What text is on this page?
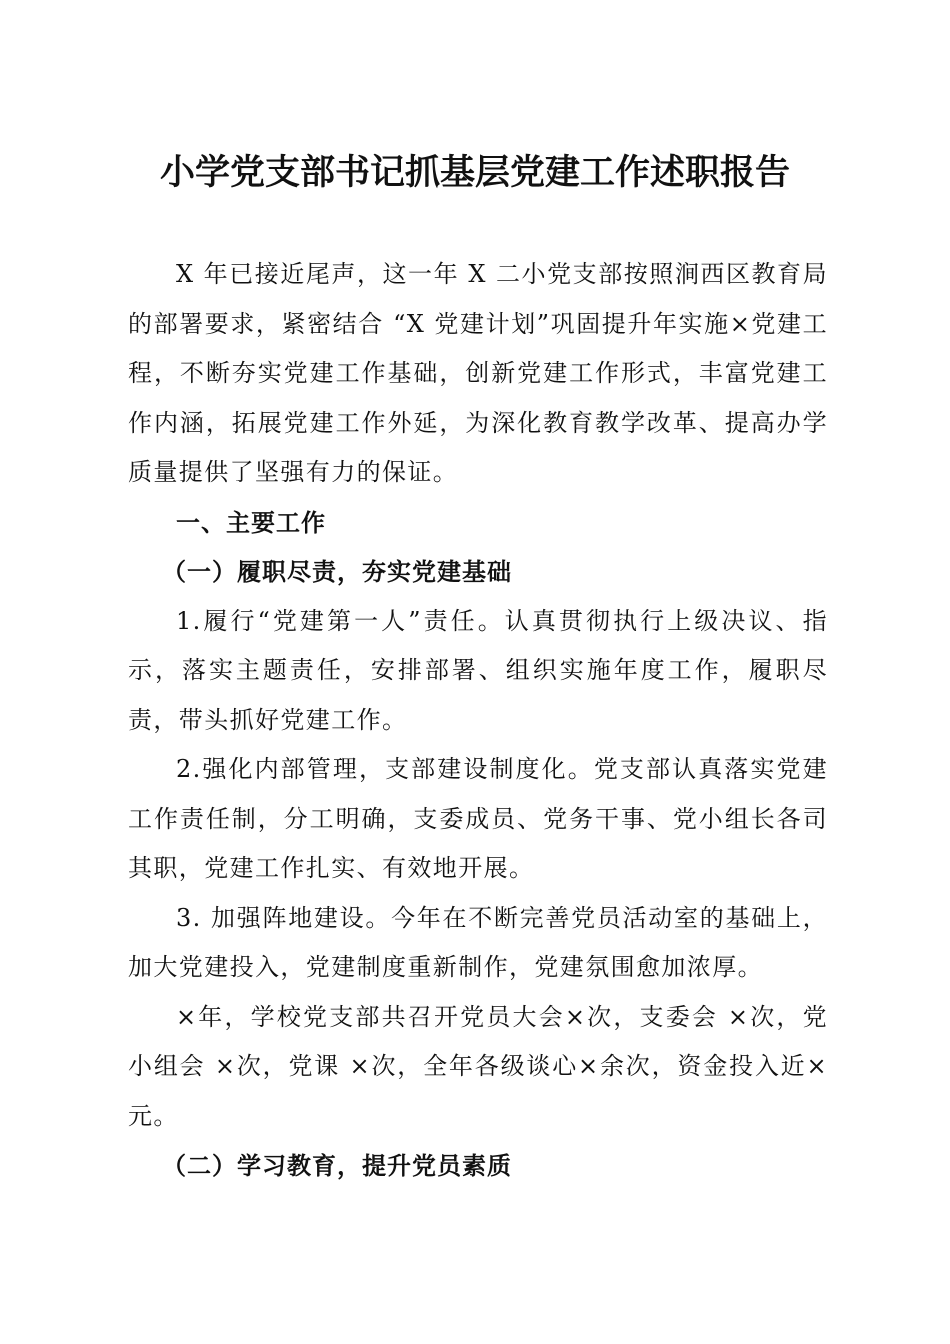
小学党支部书记抓基层党建工作述职报告

X 年已接近尾声，这一年 X 二小党支部按照涧西区教育局的部署要求，紧密结合 “X 党建计划”巩固提升年实施×党建工程，不断夯实党建工作基础，创新党建工作形式，丰富党建工作内涵，拓展党建工作外延，为深化教育教学改革、提高办学质量提供了坚强有力的保证。

一、主要工作

（一）履职尽责，夯实党建基础

1.履行“党建第一人”责任。认真贯彻执行上级决议、指示，落实主题责任，安排部署、组织实施年度工作，履职尽责，带头抓好党建工作。

2.强化内部管理，支部建设制度化。党支部认真落实党建工作责任制，分工明确，支委成员、党务干事、党小组长各司其职，党建工作扎实、有效地开展。

3. 加强阵地建设。今年在不断完善党员活动室的基础上，加大党建投入，党建制度重新制作，党建氛围愈加浓厚。

×年，学校党支部共召开党员大会×次，支委会 ×次，党小组会 ×次，党课 ×次，全年各级谈心×余次，资金投入近×元。

（二）学习教育，提升党员素质
